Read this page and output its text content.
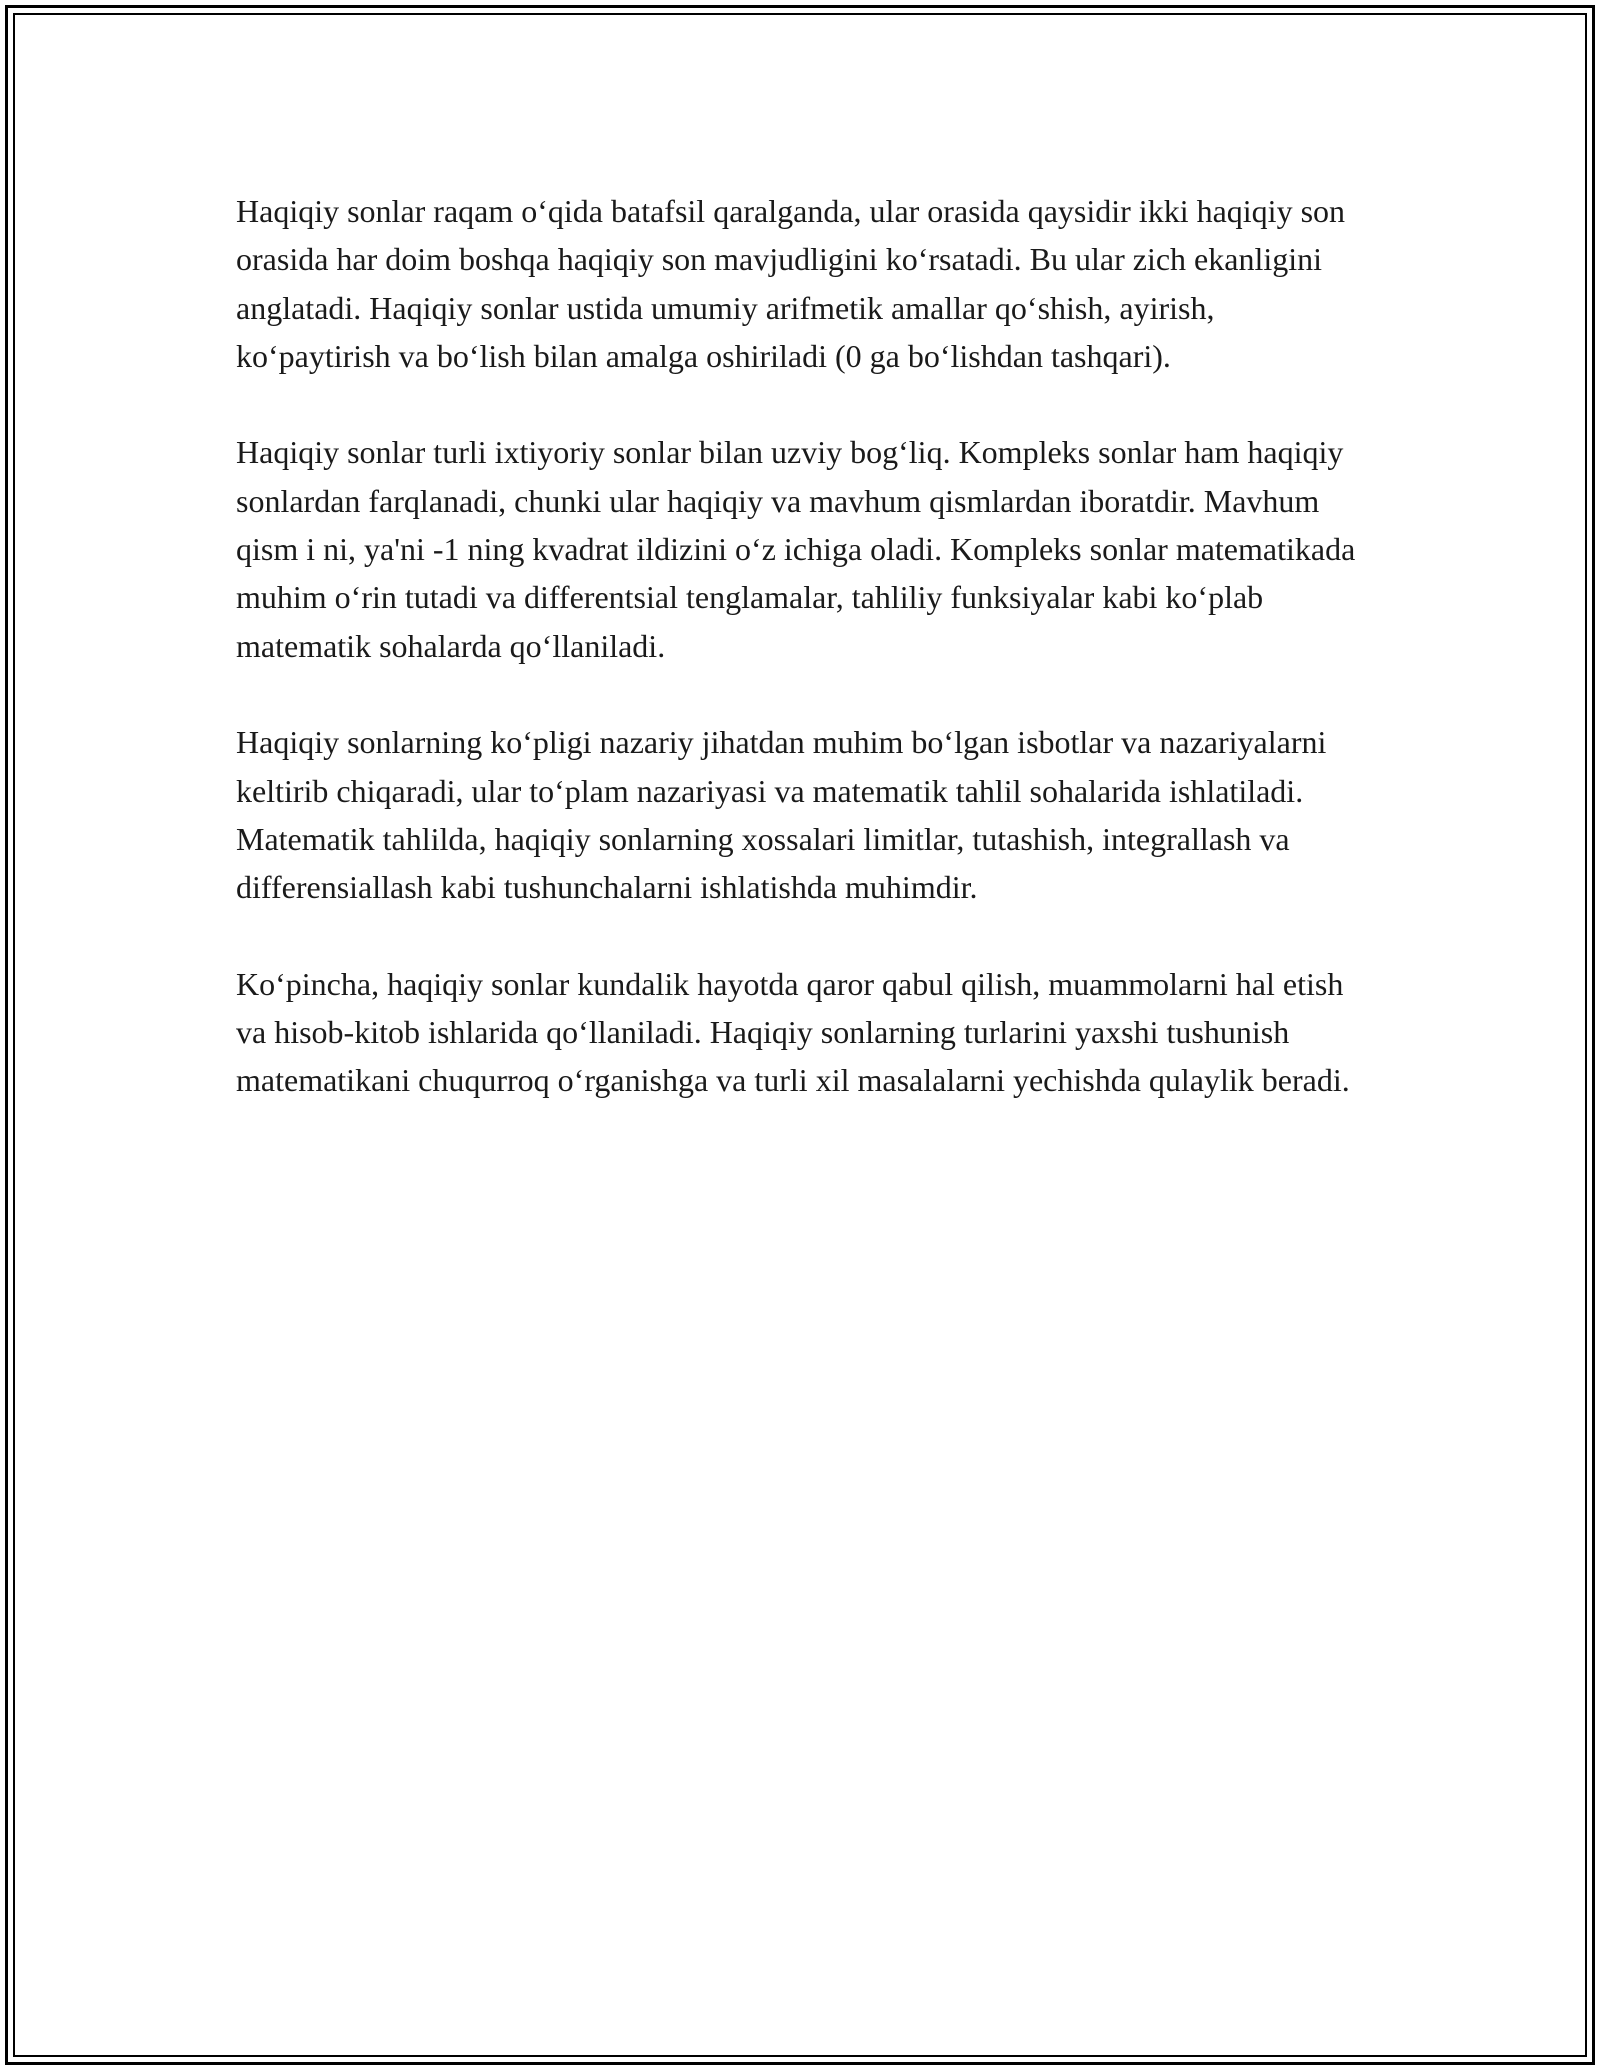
Haqiqiy sonlar raqam oʻqida batafsil qaralganda, ular orasida qaysidir ikki haqiqiy son orasida har doim boshqa haqiqiy son mavjudligini koʻrsatadi. Bu ular zich ekanligini anglatadi. Haqiqiy sonlar ustida umumiy arifmetik amallar qoʻshish, ayirish, koʻpaytirish va boʻlish bilan amalga oshiriladi (0 ga boʻlishdan tashqari).

Haqiqiy sonlar turli ixtiyoriy sonlar bilan uzviy bogʻliq. Kompleks sonlar ham haqiqiy sonlardan farqlanadi, chunki ular haqiqiy va mavhum qismlardan iboratdir. Mavhum qism i ni, ya'ni -1 ning kvadrat ildizini oʻz ichiga oladi. Kompleks sonlar matematikada muhim oʻrin tutadi va differentsial tenglamalar, tahliliy funksiyalar kabi koʻplab matematik sohalarda qoʻllaniladi.

Haqiqiy sonlarning koʻpligi nazariy jihatdan muhim boʻlgan isbotlar va nazariyalarni keltirib chiqaradi, ular toʻplam nazariyasi va matematik tahlil sohalarida ishlatiladi. Matematik tahlilda, haqiqiy sonlarning xossalari limitlar, tutashish, integrallash va differensiallash kabi tushunchalarni ishlatishda muhimdir.

Koʻpincha, haqiqiy sonlar kundalik hayotda qaror qabul qilish, muammolarni hal etish va hisob-kitob ishlarida qoʻllaniladi. Haqiqiy sonlarning turlarini yaxshi tushunish matematikani chuqurroq oʻrganishga va turli xil masalalarni yechishda qulaylik beradi.
